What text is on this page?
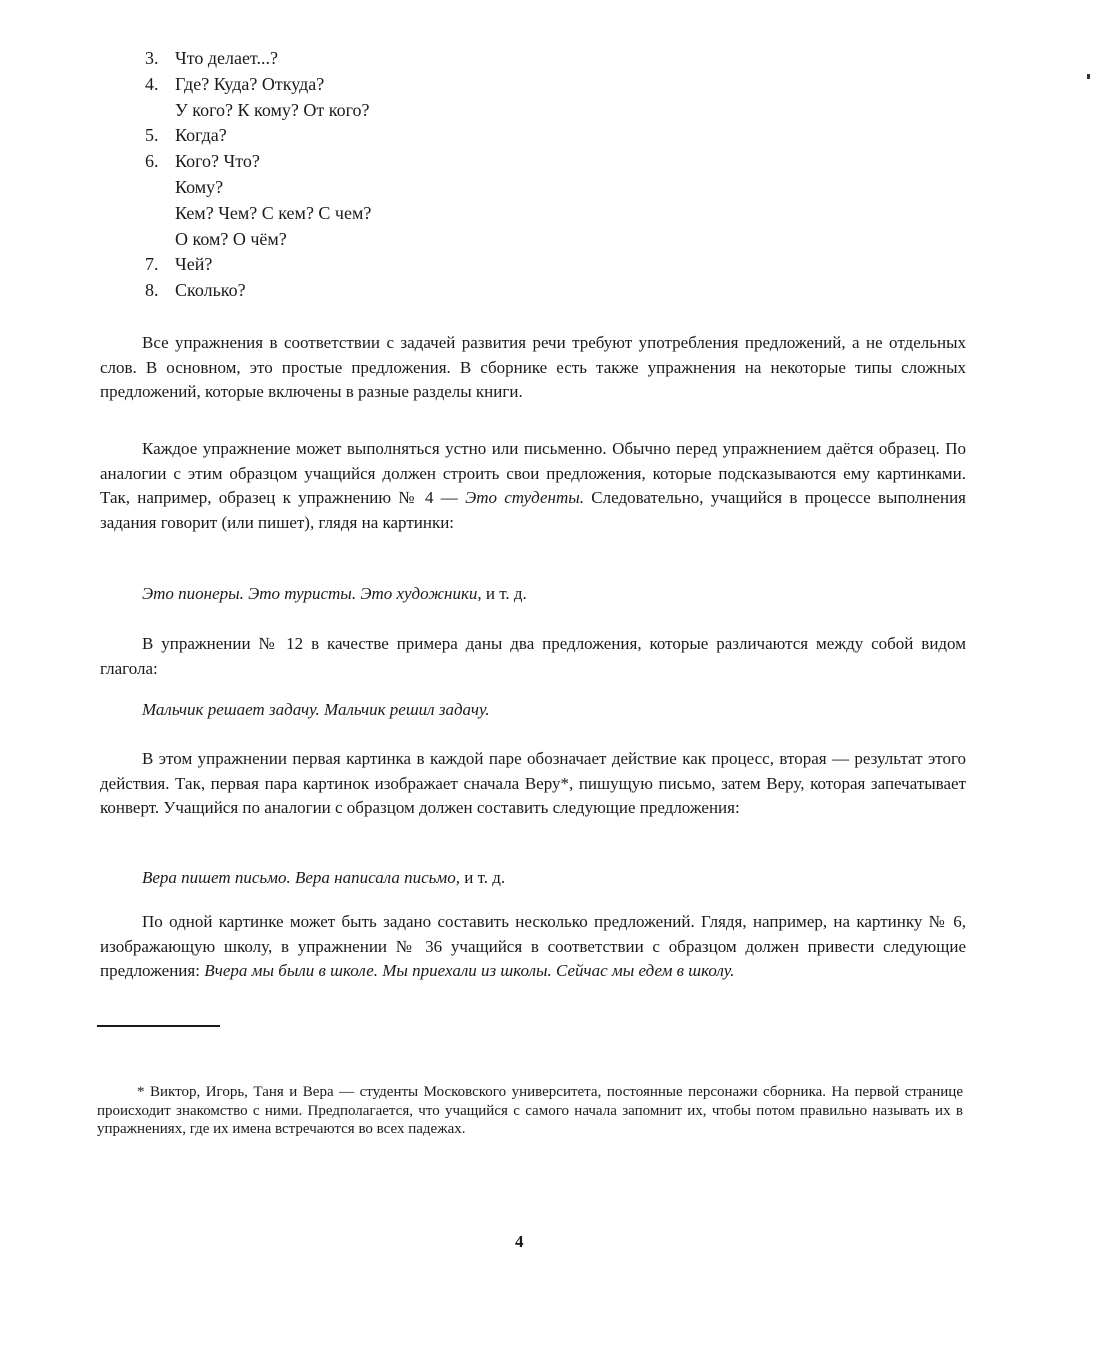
3. Что делает...?
4. Где? Куда? Откуда?
У кого? К кому? От кого?
5. Когда?
6. Кого? Что?
Кому?
Кем? Чем? С кем? С чем?
О ком? О чём?
7. Чей?
8. Сколько?

Все упражнения в соответствии с задачей развития речи требуют употребления предложений, а не отдельных слов. В основном, это простые предложения. В сборнике есть также упражнения на некоторые типы сложных предложений, которые включены в разные разделы книги.

Каждое упражнение может выполняться устно или письменно. Обычно перед упражнением даётся образец. По аналогии с этим образцом учащийся должен строить свои предложения, которые подсказываются ему картинками. Так, например, образец к упражнению № 4 — Это студенты. Следовательно, учащийся в процессе выполнения задания говорит (или пишет), глядя на картинки:

Это пионеры. Это туристы. Это художники, и т. д.

В упражнении № 12 в качестве примера даны два предложения, которые различаются между собой видом глагола:

Мальчик решает задачу. Мальчик решил задачу.

В этом упражнении первая картинка в каждой паре обозначает действие как процесс, вторая — результат этого действия. Так, первая пара картинок изображает сначала Веру*, пишущую письмо, затем Веру, которая запечатывает конверт. Учащийся по аналогии с образцом должен составить следующие предложения:

Вера пишет письмо. Вера написала письмо, и т. д.

По одной картинке может быть задано составить несколько предложений. Глядя, например, на картинку № 6, изображающую школу, в упражнении № 36 учащийся в соответствии с образцом должен привести следующие предложения: Вчера мы были в школе. Мы приехали из школы. Сейчас мы едем в школу.

* Виктор, Игорь, Таня и Вера — студенты Московского университета, постоянные персонажи сборника. На первой странице происходит знакомство с ними. Предполагается, что учащийся с самого начала запомнит их, чтобы потом правильно называть их в упражнениях, где их имена встречаются во всех падежах.

4
